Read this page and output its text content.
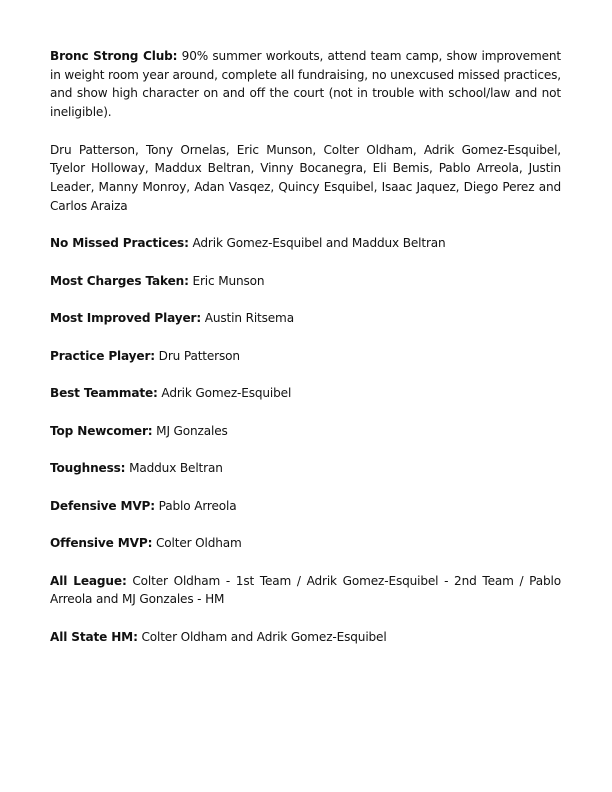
Bronc Strong Club: 90% summer workouts, attend team camp, show improvement in weight room year around, complete all fundraising, no unexcused missed practices, and show high character on and off the court (not in trouble with school/law and not ineligible).

Dru Patterson, Tony Ornelas, Eric Munson, Colter Oldham, Adrik Gomez-Esquibel, Tyelor Holloway, Maddux Beltran, Vinny Bocanegra, Eli Bemis, Pablo Arreola, Justin Leader, Manny Monroy, Adan Vasqez, Quincy Esquibel, Isaac Jaquez, Diego Perez and Carlos Araiza

No Missed Practices: Adrik Gomez-Esquibel and Maddux Beltran

Most Charges Taken: Eric Munson

Most Improved Player: Austin Ritsema

Practice Player: Dru Patterson

Best Teammate: Adrik Gomez-Esquibel

Top Newcomer: MJ Gonzales

Toughness: Maddux Beltran

Defensive MVP: Pablo Arreola

Offensive MVP: Colter Oldham

All League: Colter Oldham - 1st Team / Adrik Gomez-Esquibel - 2nd Team / Pablo Arreola and MJ Gonzales - HM

All State HM: Colter Oldham and Adrik Gomez-Esquibel
